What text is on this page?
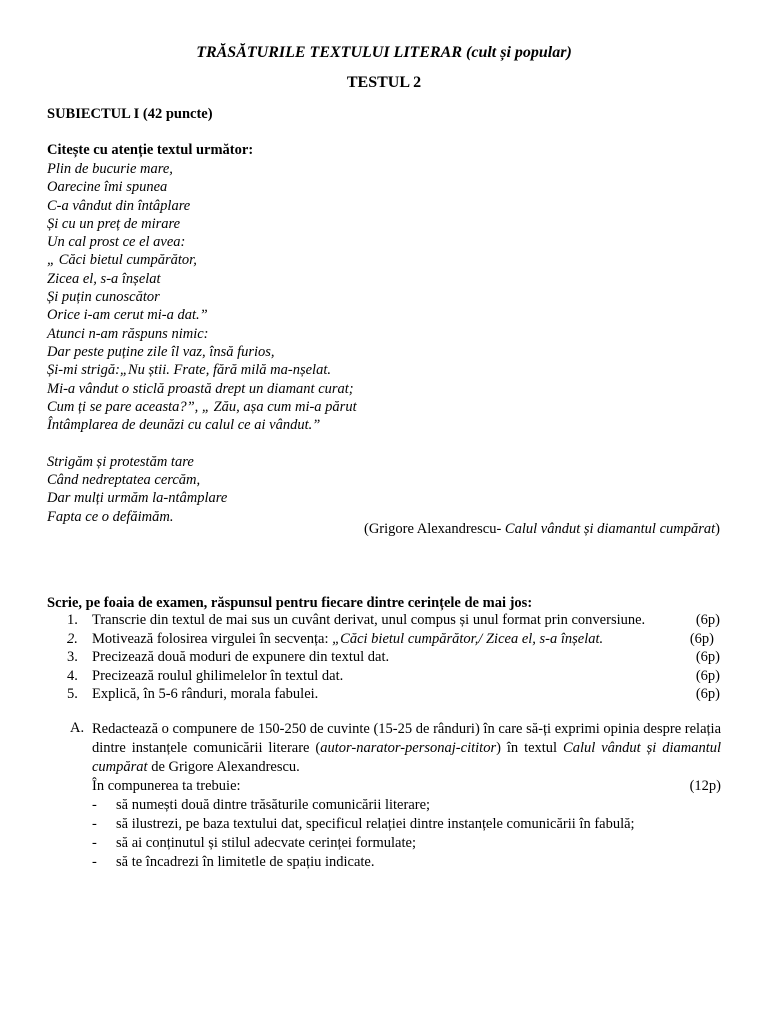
TRĂSĂTURILE TEXTULUI LITERAR (cult și popular)
TESTUL 2
SUBIECTUL I (42 puncte)
Citește cu atenție textul următor:
Plin de bucurie mare,
Oarecine îmi spunea
C-a vândut din întâplare
Și cu un preț de mirare
Un cal prost ce el avea:
„ Căci bietul cumpărător,
Zicea el, s-a înșelat
Și puțin cunoscător
Orice i-am cerut mi-a dat.”
Atunci n-am răspuns nimic:
Dar peste puține zile îl vaz, însă furios,
Și-mi strigă:„Nu știi. Frate, fără milă ma-nșelat.
Mi-a vândut o sticlă proastă drept un diamant curat;
Cum ți se pare aceasta?”, „ Zău, așa cum mi-a părut
Întâmplarea de deunăzi cu calul ce ai vândut.”
Strigăm și protestăm tare
Când nedreptatea cercăm,
Dar mulți urmăm la-ntâmplare
Fapta ce o defăimăm.
(Grigore Alexandrescu- Calul vândut și diamantul cumpărat)
Scrie, pe foaia de examen, răspunsul pentru fiecare dintre cerințele de mai jos:
1. Transcrie din textul de mai sus un cuvânt derivat, unul compus și unul format prin conversiune.	(6p)
2. Motivează folosirea virgulei în secvența: „Căci bietul cumpărător,/ Zicea el, s-a înșelat.	(6p)
3. Precizează două moduri de expunere din textul dat.	(6p)
4. Precizează roulul ghilimelelor în textul dat.	(6p)
5. Explică, în 5-6 rânduri, morala fabulei.	(6p)
A. Redactează o compunere de 150-250 de cuvinte (15-25 de rânduri) în care să-ți exprimi opinia despre relația dintre instanțele comunicării literare (autor-narator-personaj-cititor) în textul Calul vândut și diamantul cumpărat de Grigore Alexandrescu.
În compunerea ta trebuie:	(12p)
- să numești două dintre trăsăturile comunicării literare;
- să ilustrezi, pe baza textului dat, specificul relației dintre instanțele comunicării în fabulă;
- să ai conținutul și stilul adecvate cerinței formulate;
- să te încadrezi în limitetle de spațiu indicate.
